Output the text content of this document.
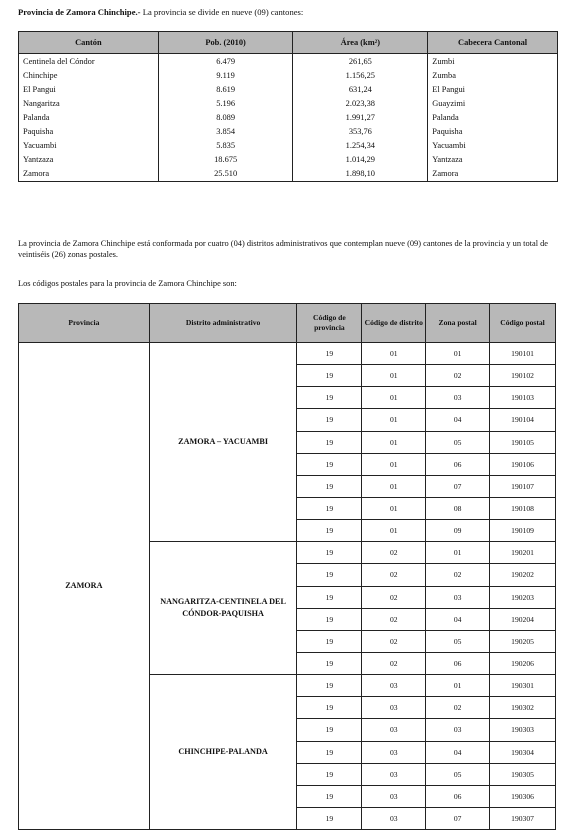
Provincia de Zamora Chinchipe.- La provincia se divide en nueve (09) cantones:
Cantón	Pob. (2010)	Área (km²)	Cabecera Cantonal
Centinela del Cóndor	6.479	261,65	Zumbi
Chinchipe	9.119	1.156,25	Zumba
El Pangui	8.619	631,24	El Pangui
Nangaritza	5.196	2.023,38	Guayzimi
Palanda	8.089	1.991,27	Palanda
Paquisha	3.854	353,76	Paquisha
Yacuambi	5.835	1.254,34	Yacuambi
Yantzaza	18.675	1.014,29	Yantzaza
Zamora	25.510	1.898,10	Zamora
La provincia de Zamora Chinchipe está conformada por cuatro (04) distritos administrativos que contemplan nueve (09) cantones de la provincia y un total de veintiséis (26) zonas postales.
Los códigos postales para la provincia de Zamora Chinchipe son:
Provincia	Distrito administrativo	Código de provincia	Código de distrito	Zona postal	Código postal
ZAMORA	ZAMORA – YACUAMBI	19	01	01	190101
		19	01	02	190102
		19	01	03	190103
		19	01	04	190104
		19	01	05	190105
		19	01	06	190106
		19	01	07	190107
		19	01	08	190108
		19	01	09	190109
	NANGARITZA-CENTINELA DEL CÓNDOR-PAQUISHA	19	02	01	190201
		19	02	02	190202
		19	02	03	190203
		19	02	04	190204
		19	02	05	190205
		19	02	06	190206
	CHINCHIPE-PALANDA	19	03	01	190301
		19	03	02	190302
		19	03	03	190303
		19	03	04	190304
		19	03	05	190305
		19	03	06	190306
		19	03	07	190307
